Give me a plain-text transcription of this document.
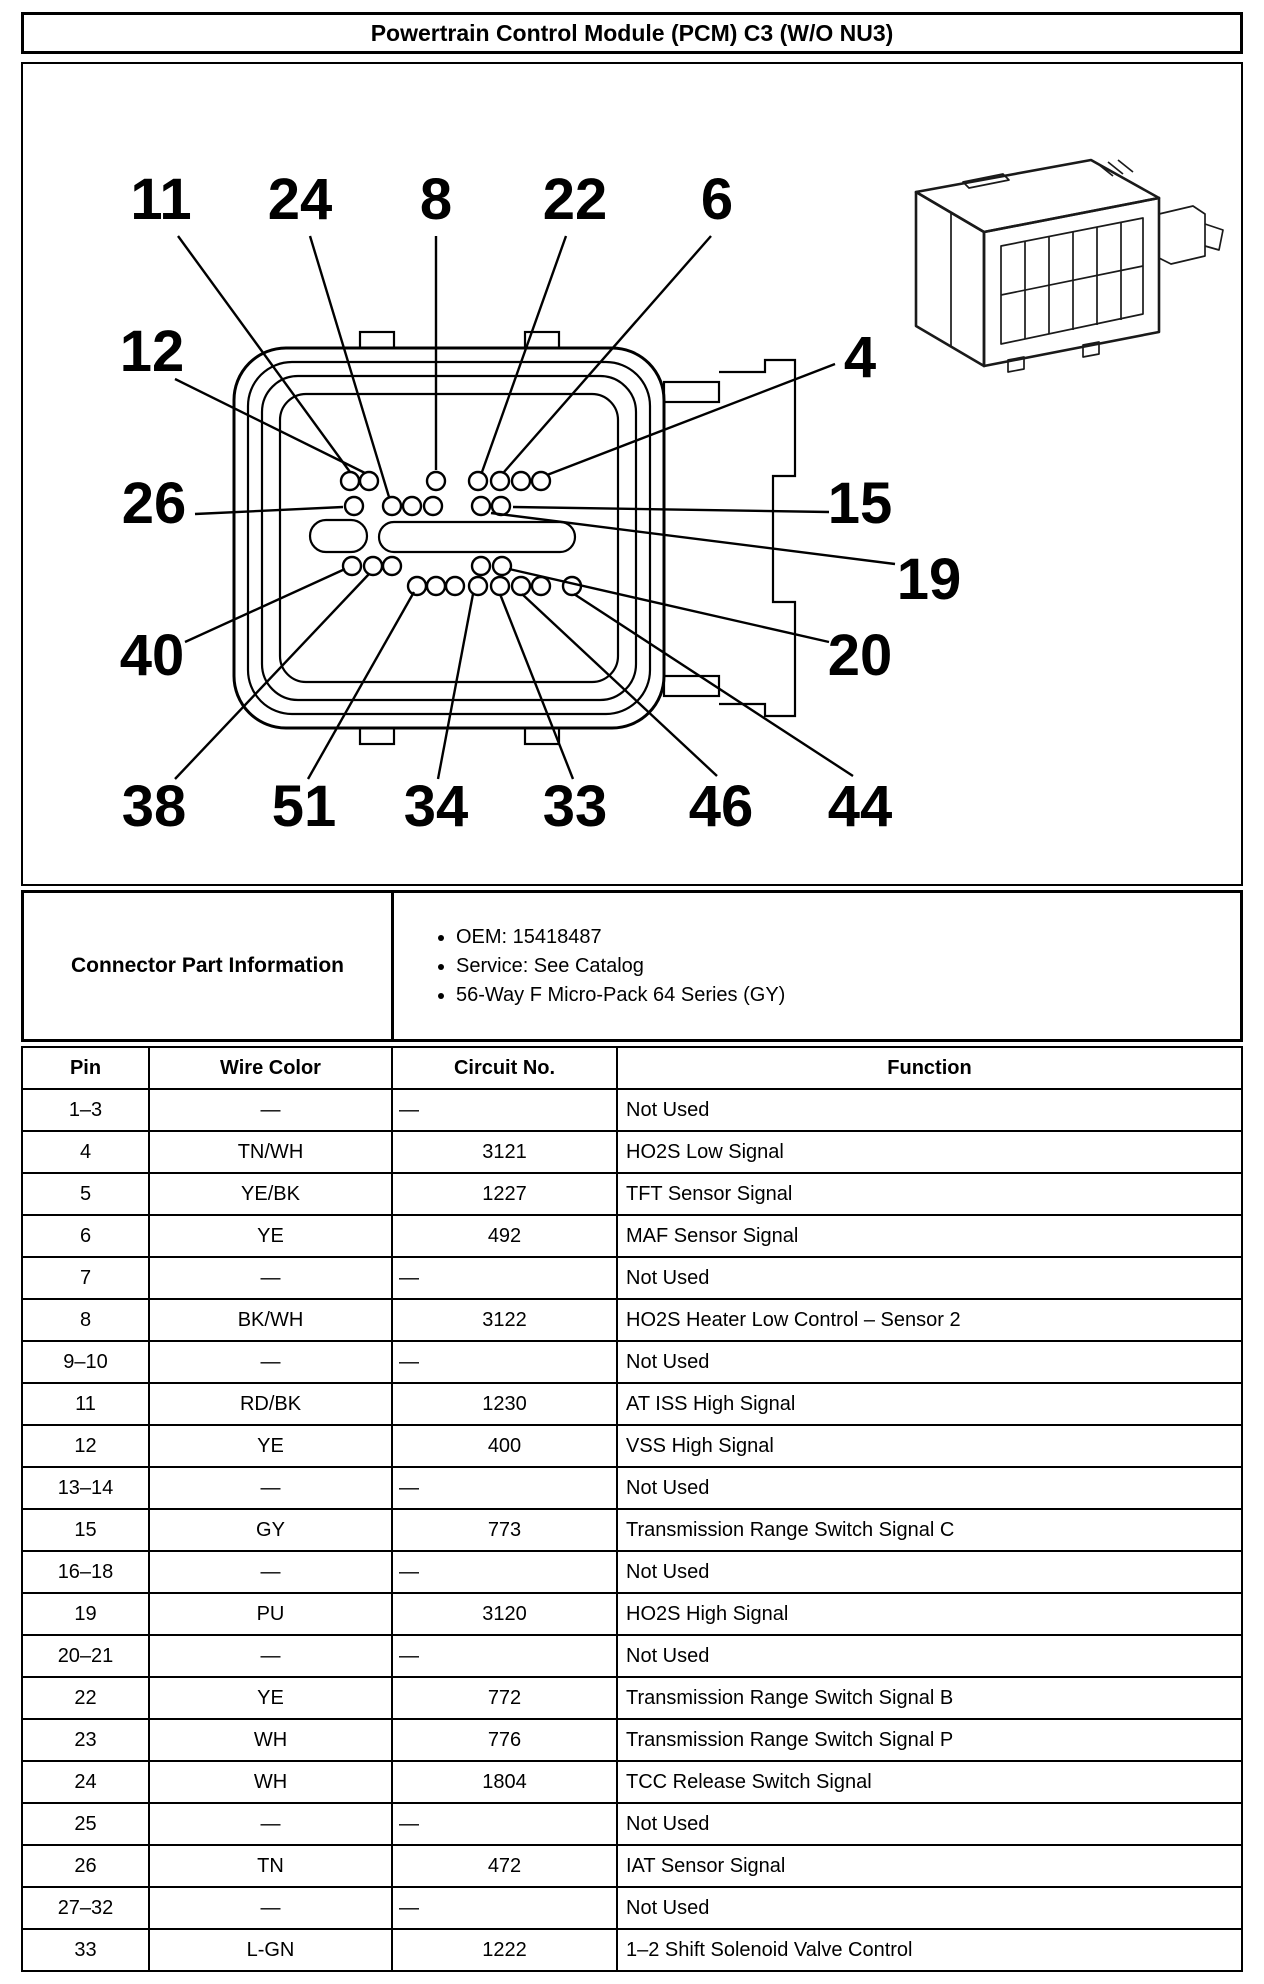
Powertrain Control Module (PCM) C3 (W/O NU3)
11 24 8 22 6
12
26
40
4
15
19
20
38 51 34 33 46 44
Connector Part Information
• OEM: 15418487
• Service: See Catalog
• 56-Way F Micro-Pack 64 Series (GY)
Pin	Wire Color	Circuit No.	Function
1–3	—	—	Not Used
4	TN/WH	3121	HO2S Low Signal
5	YE/BK	1227	TFT Sensor Signal
6	YE	492	MAF Sensor Signal
7	—	—	Not Used
8	BK/WH	3122	HO2S Heater Low Control – Sensor 2
9–10	—	—	Not Used
11	RD/BK	1230	AT ISS High Signal
12	YE	400	VSS High Signal
13–14	—	—	Not Used
15	GY	773	Transmission Range Switch Signal C
16–18	—	—	Not Used
19	PU	3120	HO2S High Signal
20–21	—	—	Not Used
22	YE	772	Transmission Range Switch Signal B
23	WH	776	Transmission Range Switch Signal P
24	WH	1804	TCC Release Switch Signal
25	—	—	Not Used
26	TN	472	IAT Sensor Signal
27–32	—	—	Not Used
33	L-GN	1222	1–2 Shift Solenoid Valve Control
